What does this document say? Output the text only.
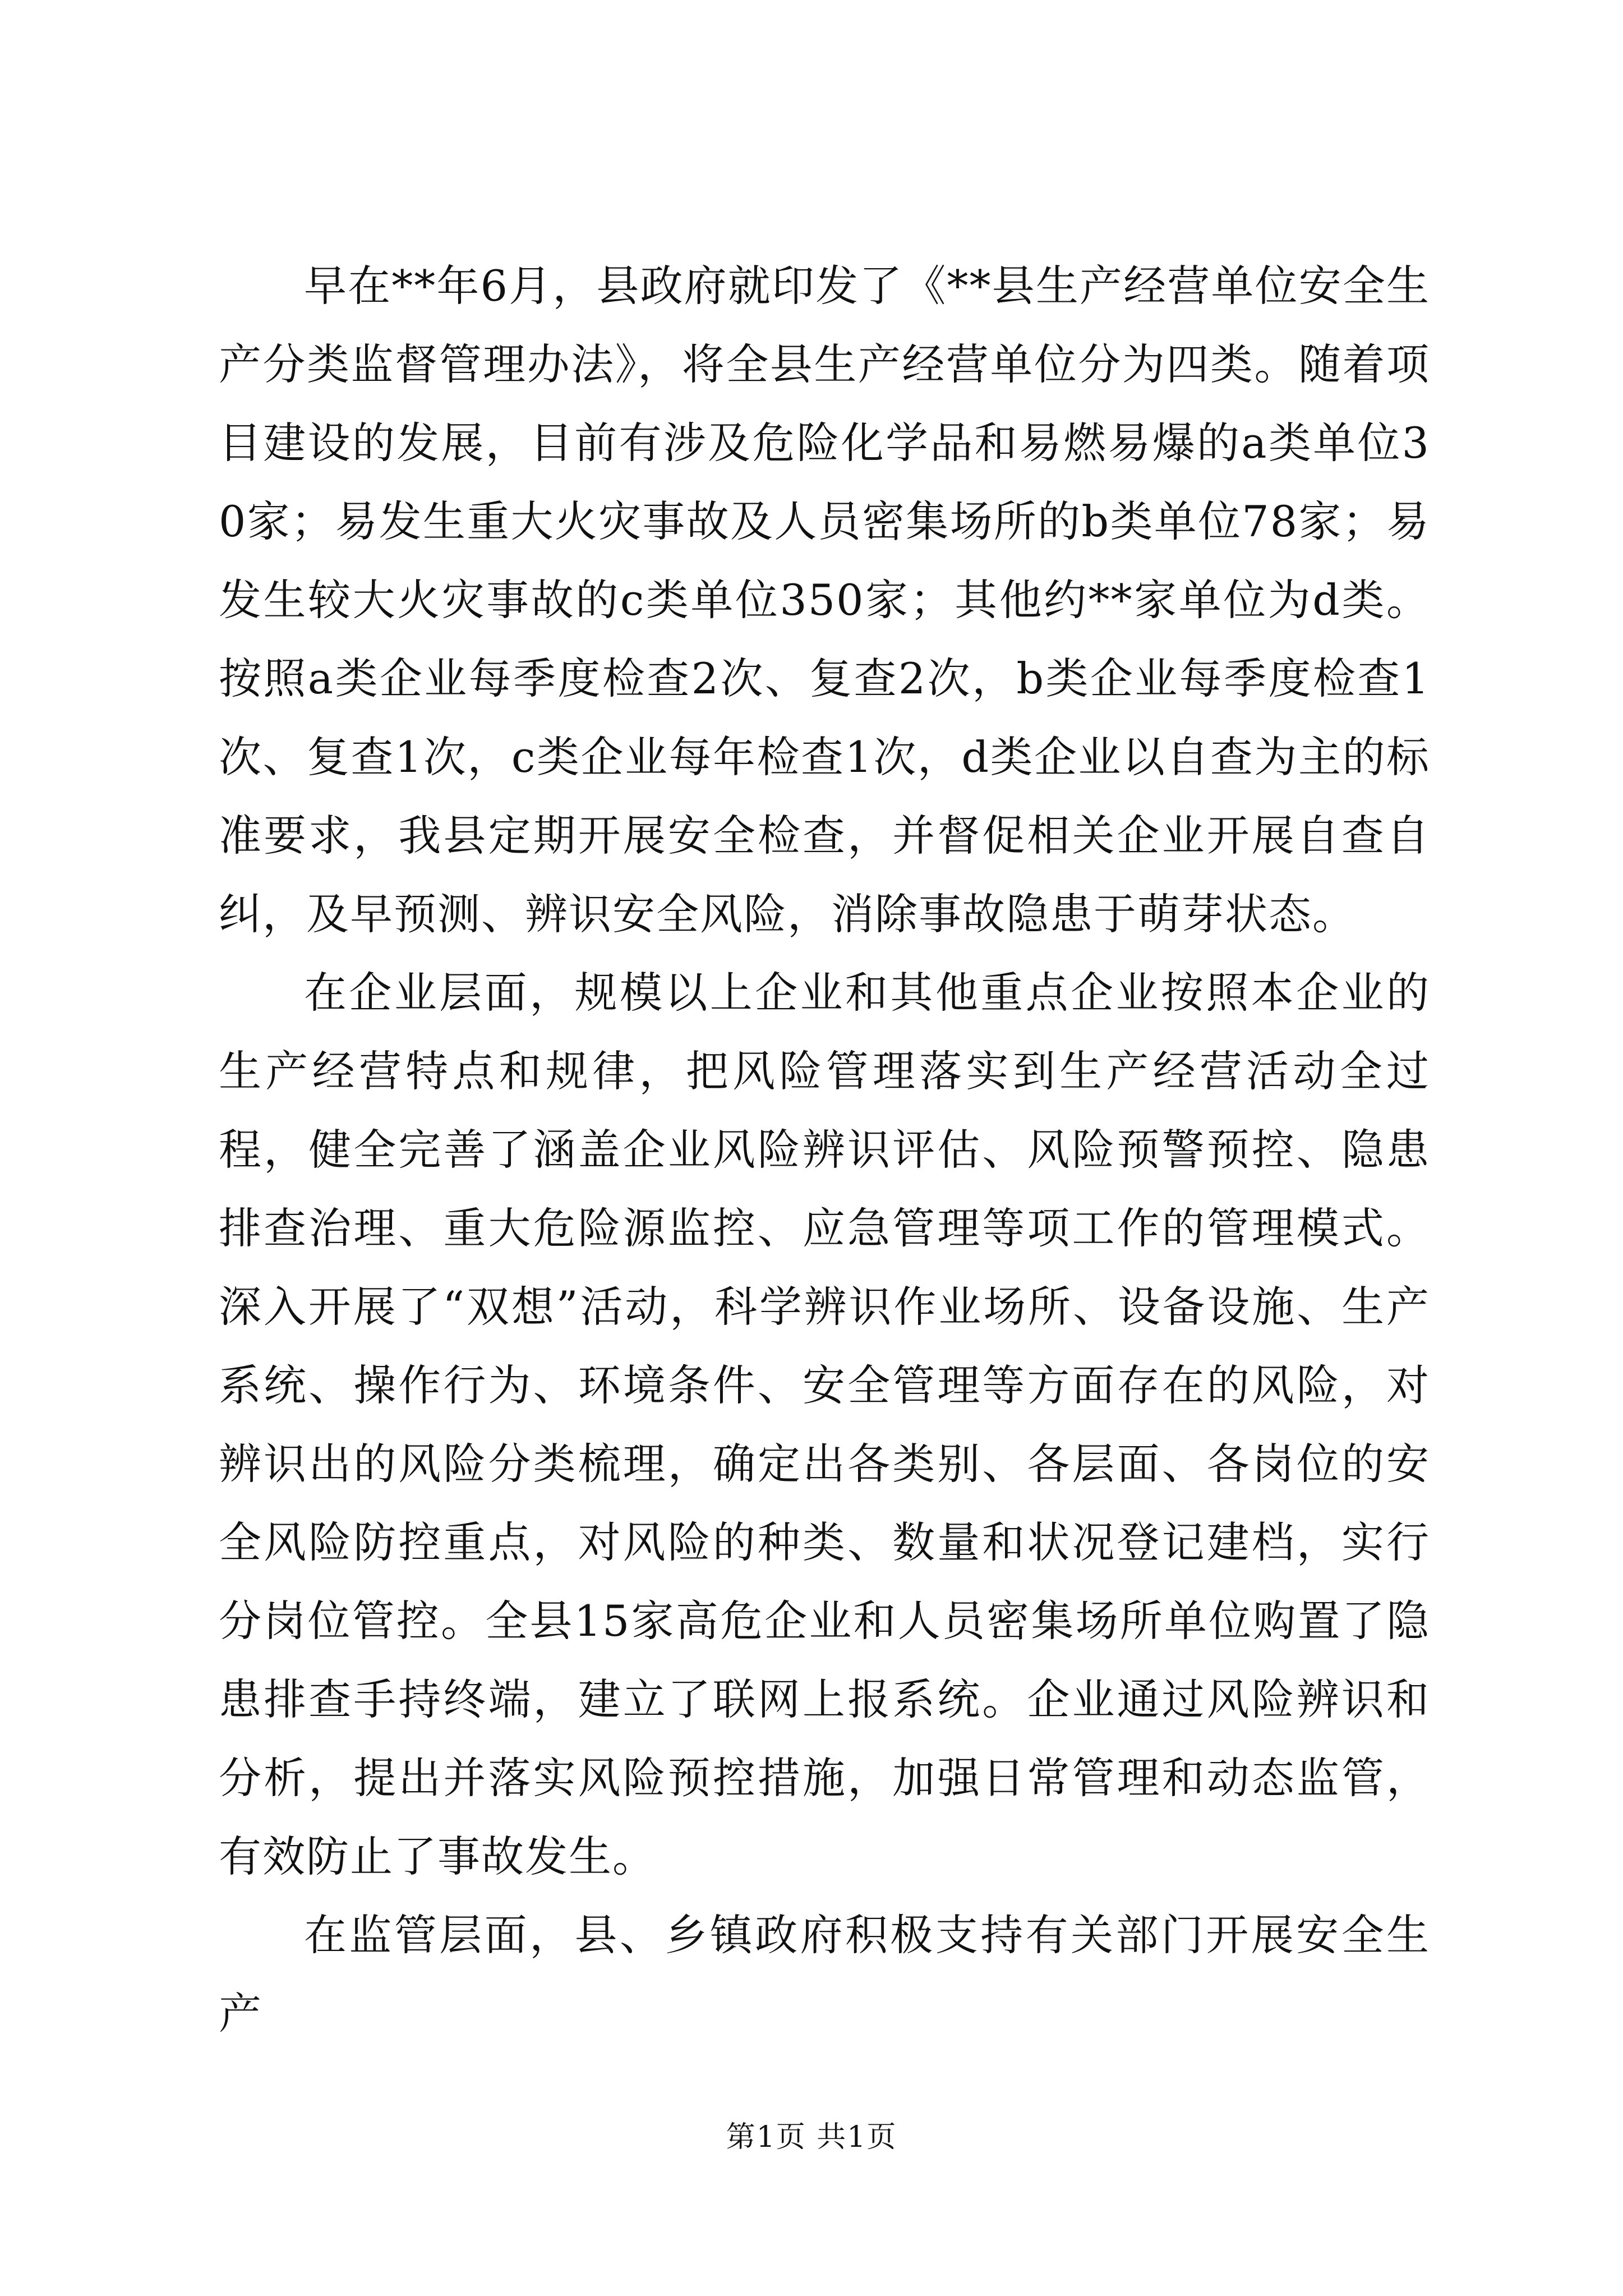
早在**年6月，县政府就印发了《**县生产经营单位安全生产分类监督管理办法》，将全县生产经营单位分为四类。随着项目建设的发展，目前有涉及危险化学品和易燃易爆的a类单位30家；易发生重大火灾事故及人员密集场所的b类单位78家；易发生较大火灾事故的c类单位350家；其他约**家单位为d类。按照a类企业每季度检查2次、复查2次，b类企业每季度检查1次、复查1次，c类企业每年检查1次，d类企业以自查为主的标准要求，我县定期开展安全检查，并督促相关企业开展自查自纠，及早预测、辨识安全风险，消除事故隐患于萌芽状态。

在企业层面，规模以上企业和其他重点企业按照本企业的生产经营特点和规律，把风险管理落实到生产经营活动全过程，健全完善了涵盖企业风险辨识评估、风险预警预控、隐患排查治理、重大危险源监控、应急管理等项工作的管理模式。深入开展了“双想”活动，科学辨识作业场所、设备设施、生产系统、操作行为、环境条件、安全管理等方面存在的风险，对辨识出的风险分类梳理，确定出各类别、各层面、各岗位的安全风险防控重点，对风险的种类、数量和状况登记建档，实行分岗位管控。全县15家高危企业和人员密集场所单位购置了隐患排查手持终端，建立了联网上报系统。企业通过风险辨识和分析，提出并落实风险预控措施，加强日常管理和动态监管，有效防止了事故发生。

在监管层面，县、乡镇政府积极支持有关部门开展安全生产

第1页 共1页
